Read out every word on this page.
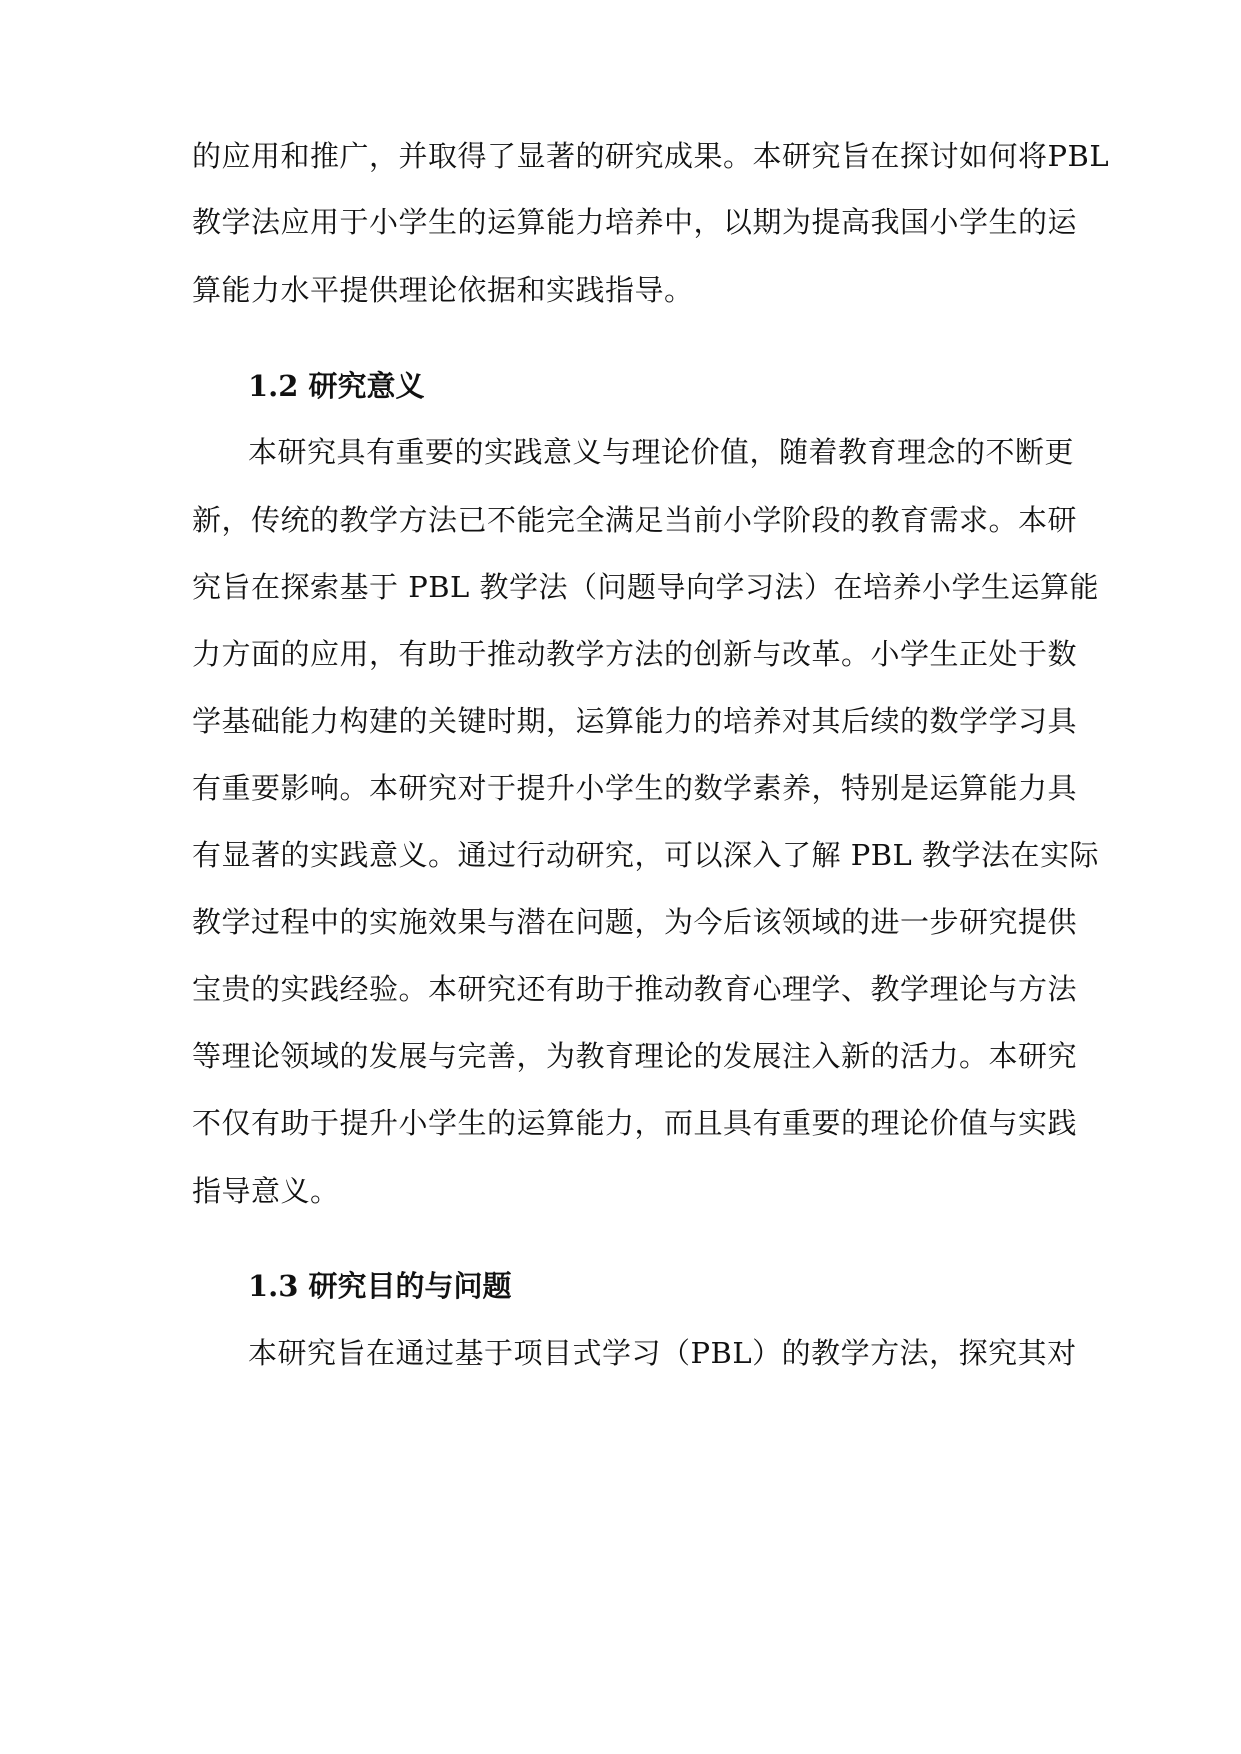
的应用和推广，并取得了显著的研究成果。本研究旨在探讨如何将PBL
教学法应用于小学生的运算能力培养中，以期为提高我国小学生的运
算能力水平提供理论依据和实践指导。
1.2 研究意义
本研究具有重要的实践意义与理论价值，随着教育理念的不断更
新，传统的教学方法已不能完全满足当前小学阶段的教育需求。本研
究旨在探索基于 PBL 教学法（问题导向学习法）在培养小学生运算能
力方面的应用，有助于推动教学方法的创新与改革。小学生正处于数
学基础能力构建的关键时期，运算能力的培养对其后续的数学学习具
有重要影响。本研究对于提升小学生的数学素养，特别是运算能力具
有显著的实践意义。通过行动研究，可以深入了解 PBL 教学法在实际
教学过程中的实施效果与潜在问题，为今后该领域的进一步研究提供
宝贵的实践经验。本研究还有助于推动教育心理学、教学理论与方法
等理论领域的发展与完善，为教育理论的发展注入新的活力。本研究
不仅有助于提升小学生的运算能力，而且具有重要的理论价值与实践
指导意义。
1.3 研究目的与问题
本研究旨在通过基于项目式学习（PBL）的教学方法，探究其对
